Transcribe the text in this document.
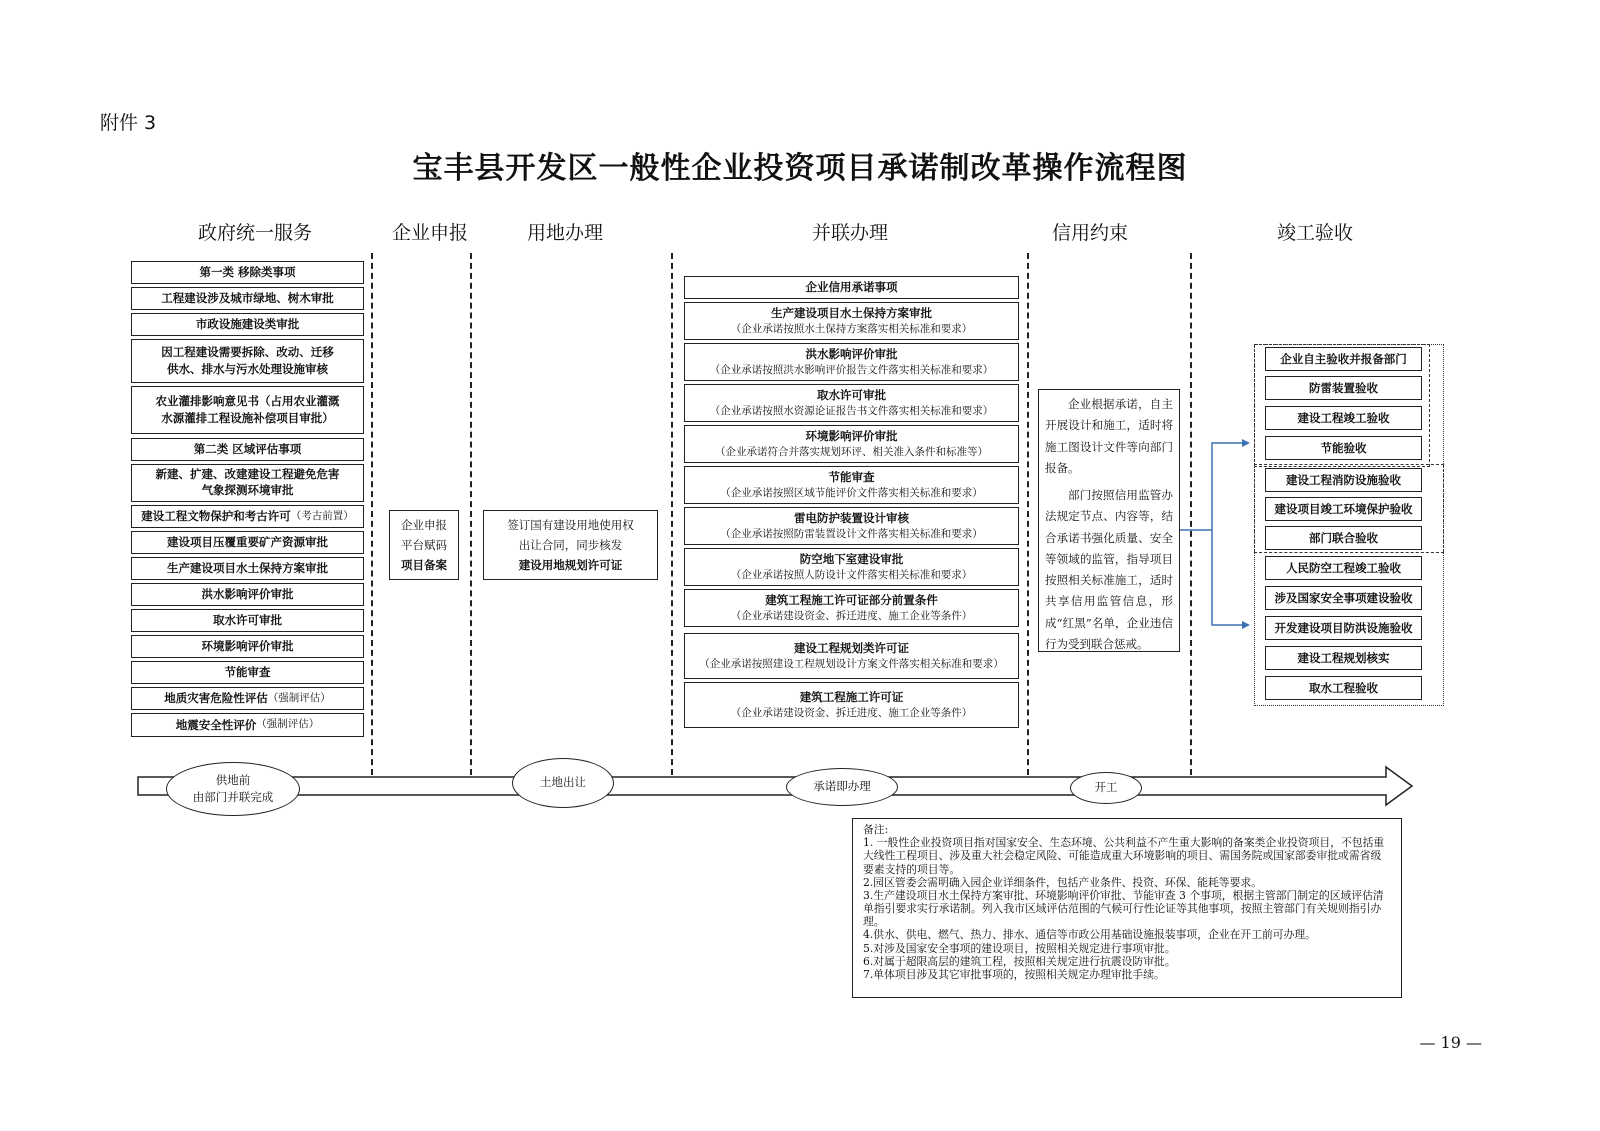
附件 3
宝丰县开发区一般性企业投资项目承诺制改革操作流程图
政府统一服务	企业申报	用地办理	并联办理	信用约束	竣工验收
第一类 移除类事项
工程建设涉及城市绿地、树木审批
市政设施建设类审批
因工程建设需要拆除、改动、迁移
供水、排水与污水处理设施审核
农业灌排影响意见书（占用农业灌溉
水源灌排工程设施补偿项目审批）
第二类 区域评估事项
新建、扩建、改建建设工程避免危害
气象探测环境审批
建设工程文物保护和考古许可 （考古前置）
建设项目压覆重要矿产资源审批
生产建设项目水土保持方案审批
洪水影响评价审批
取水许可审批
环境影响评价审批
节能审查
地质灾害危险性评估 （强制评估）
地震安全性评价 （强制评估）
企业申报
平台赋码
项目备案
签订国有建设用地使用权
出让合同，同步核发
建设用地规划许可证
企业信用承诺事项
生产建设项目水土保持方案审批
（企业承诺按照水土保持方案落实相关标准和要求）
洪水影响评价审批
（企业承诺按照洪水影响评价报告文件落实相关标准和要求）
取水许可审批
（企业承诺按照水资源论证报告书文件落实相关标准和要求）
环境影响评价审批
（企业承诺符合并落实规划环评、相关准入条件和标准等）
节能审查
（企业承诺按照区域节能评价文件落实相关标准和要求）
雷电防护装置设计审核
（企业承诺按照防雷装置设计文件落实相关标准和要求）
防空地下室建设审批
（企业承诺按照人防设计文件落实相关标准和要求）
建筑工程施工许可证部分前置条件
（企业承诺建设资金、拆迁进度、施工企业等条件）
建设工程规划类许可证
（企业承诺按照建设工程规划设计方案文件落实相关标准和要求）
建筑工程施工许可证
（企业承诺建设资金、拆迁进度、施工企业等条件）
企业根据承诺，自主开展设计和施工，适时将施工图设计文件等向部门报备。
部门按照信用监管办法规定节点、内容等，结合承诺书强化质量、安全等领域的监管，指导项目按照相关标准施工，适时共享信用监管信息，形成“红黑”名单，企业违信行为受到联合惩戒。
企业自主验收并报备部门
防雷装置验收
建设工程竣工验收
节能验收
建设工程消防设施验收
建设项目竣工环境保护验收
部门联合验收
人民防空工程竣工验收
涉及国家安全事项建设验收
开发建设项目防洪设施验收
建设工程规划核实
取水工程验收
供地前
由部门并联完成
土地出让	承诺即办理	开工
备注:
1. 一般性企业投资项目指对国家安全、生态环境、公共利益不产生重大影响的备案类企业投资项目，不包括重大线性工程项目、涉及重大社会稳定风险、可能造成重大环境影响的项目、需国务院或国家部委审批或需省级要素支持的项目等。
2.园区管委会需明确入园企业详细条件，包括产业条件、投资、环保、能耗等要求。
3.生产建设项目水土保持方案审批、环境影响评价审批、节能审查 3 个事项，根据主管部门制定的区域评估清单指引要求实行承诺制。列入我市区域评估范围的气候可行性论证等其他事项，按照主管部门有关规则指引办理。
4.供水、供电、燃气、热力、排水、通信等市政公用基础设施报装事项，企业在开工前可办理。
5.对涉及国家安全事项的建设项目，按照相关规定进行事项审批。
6.对属于超限高层的建筑工程，按照相关规定进行抗震设防审批。
7.单体项目涉及其它审批事项的，按照相关规定办理审批手续。
— 19 —
